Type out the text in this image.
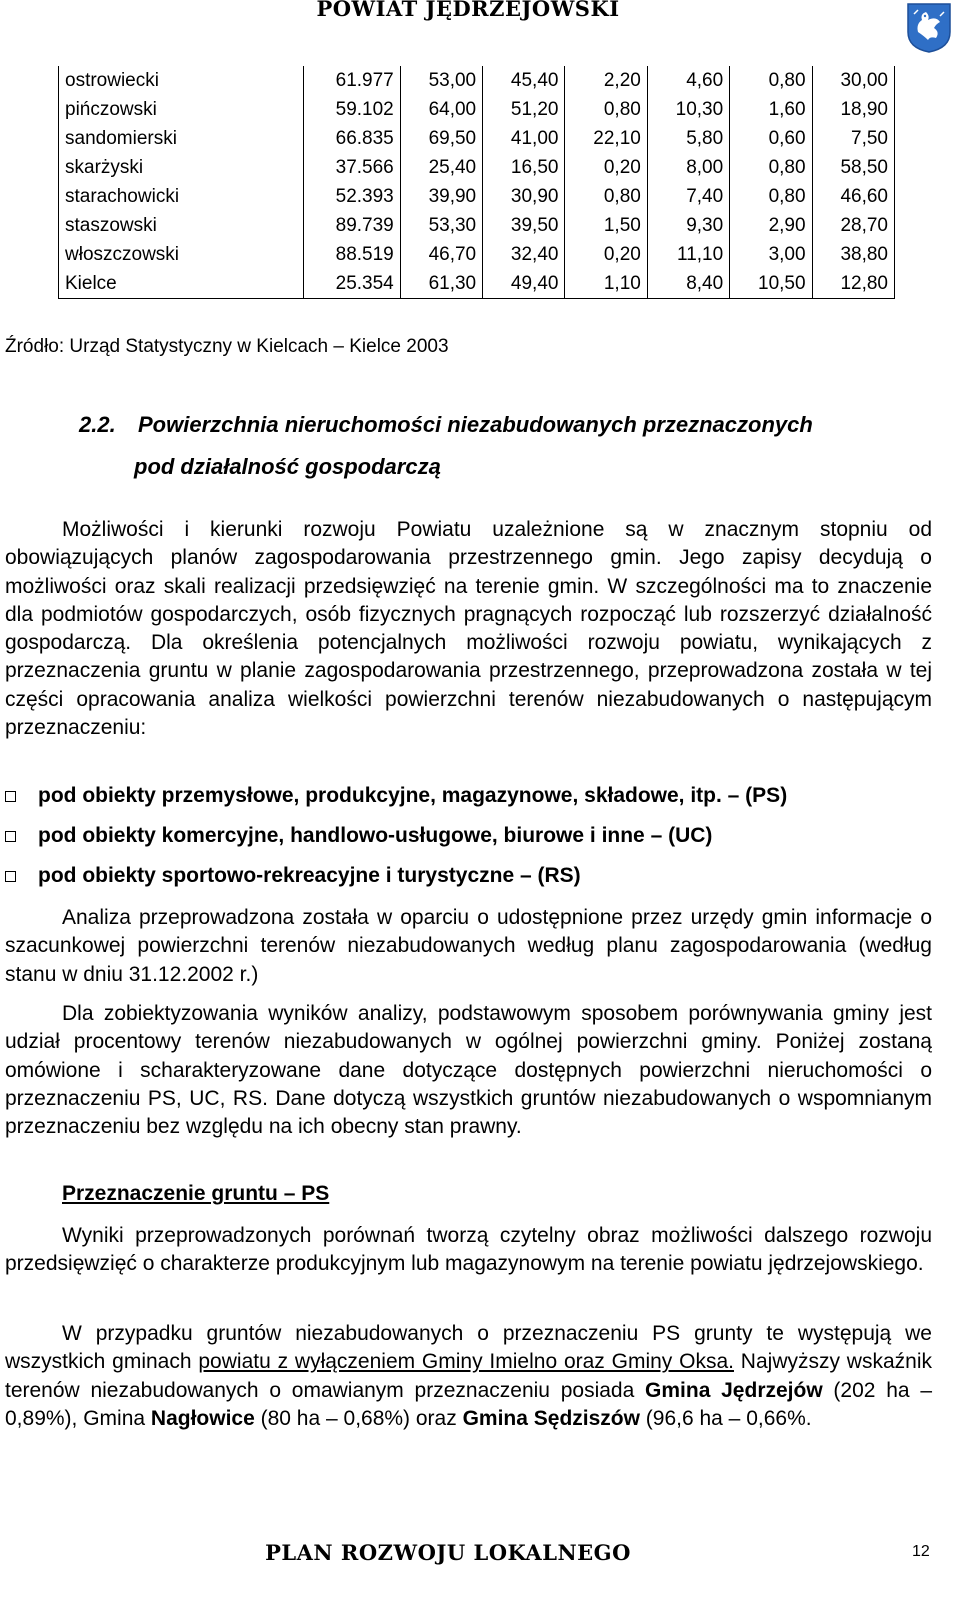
POWIAT JĘDRZEJOWSKI
ostrowiecki	61.977	53,00	45,40	2,20	4,60	0,80	30,00
pińczowski	59.102	64,00	51,20	0,80	10,30	1,60	18,90
sandomierski	66.835	69,50	41,00	22,10	5,80	0,60	7,50
skarżyski	37.566	25,40	16,50	0,20	8,00	0,80	58,50
starachowicki	52.393	39,90	30,90	0,80	7,40	0,80	46,60
staszowski	89.739	53,30	39,50	1,50	9,30	2,90	28,70
włoszczowski	88.519	46,70	32,40	0,20	11,10	3,00	38,80
Kielce	25.354	61,30	49,40	1,10	8,40	10,50	12,80
Źródło: Urząd Statystyczny w Kielcach – Kielce 2003
2.2. Powierzchnia nieruchomości niezabudowanych przeznaczonych
pod działalność gospodarczą

Możliwości i kierunki rozwoju Powiatu uzależnione są w znacznym stopniu od obowiązujących planów zagospodarowania przestrzennego gmin. Jego zapisy decydują o możliwości oraz skali realizacji przedsięwzięć na terenie gmin. W szczególności ma to znaczenie dla podmiotów gospodarczych, osób fizycznych pragnących rozpocząć lub rozszerzyć działalność gospodarczą. Dla określenia potencjalnych możliwości rozwoju powiatu, wynikających z przeznaczenia gruntu w planie zagospodarowania przestrzennego, przeprowadzona została w tej części opracowania analiza wielkości powierzchni terenów niezabudowanych o następującym przeznaczeniu:

pod obiekty przemysłowe, produkcyjne, magazynowe, składowe, itp. – (PS)
pod obiekty komercyjne, handlowo-usługowe, biurowe i inne – (UC)
pod obiekty sportowo-rekreacyjne i turystyczne – (RS)

Analiza przeprowadzona została w oparciu o udostępnione przez urzędy gmin informacje o szacunkowej powierzchni terenów niezabudowanych według planu zagospodarowania (według stanu w dniu 31.12.2002 r.)

Dla zobiektyzowania wyników analizy, podstawowym sposobem porównywania gminy jest udział procentowy terenów niezabudowanych w ogólnej powierzchni gminy. Poniżej zostaną omówione i scharakteryzowane dane dotyczące dostępnych powierzchni nieruchomości o przeznaczeniu PS, UC, RS. Dane dotyczą wszystkich gruntów niezabudowanych o wspomnianym przeznaczeniu bez względu na ich obecny stan prawny.

Przeznaczenie gruntu – PS

Wyniki przeprowadzonych porównań tworzą czytelny obraz możliwości dalszego rozwoju przedsięwzięć o charakterze produkcyjnym lub magazynowym na terenie powiatu jędrzejowskiego.

W przypadku gruntów niezabudowanych o przeznaczeniu PS grunty te występują we wszystkich gminach powiatu z wyłączeniem Gminy Imielno oraz Gminy Oksa. Najwyższy wskaźnik terenów niezabudowanych o omawianym przeznaczeniu posiada Gmina Jędrzejów (202 ha – 0,89%), Gmina Nagłowice (80 ha – 0,68%) oraz Gmina Sędziszów (96,6 ha – 0,66%.

PLAN ROZWOJU LOKALNEGO	12
